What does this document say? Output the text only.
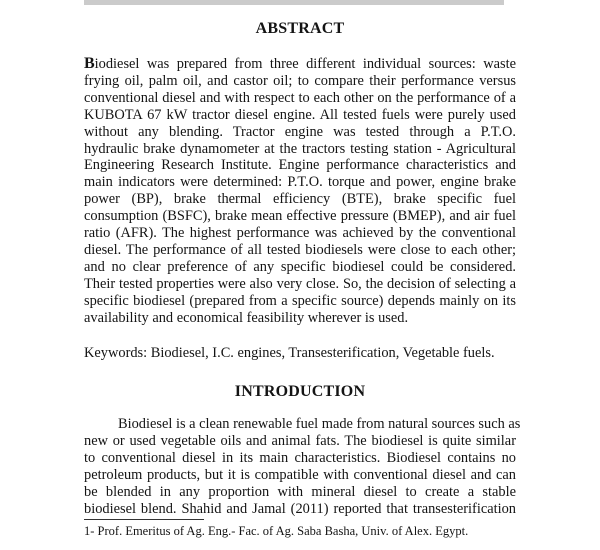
ABSTRACT
Biodiesel was prepared from three different individual sources: waste
frying oil, palm oil, and castor oil; to compare their performance versus
conventional diesel and with respect to each other on the performance of a
KUBOTA 67 kW tractor diesel engine. All tested fuels were purely used
without any blending. Tractor engine was tested through a P.T.O.
hydraulic brake dynamometer at the tractors testing station - Agricultural
Engineering Research Institute. Engine performance characteristics and
main indicators were determined: P.T.O. torque and power, engine brake
power (BP), brake thermal efficiency (BTE), brake specific fuel
consumption (BSFC), brake mean effective pressure (BMEP), and air fuel
ratio (AFR). The highest performance was achieved by the conventional
diesel. The performance of all tested biodiesels were close to each other;
and no clear preference of any specific biodiesel could be considered.
Their tested properties were also very close. So, the decision of selecting a
specific biodiesel (prepared from a specific source) depends mainly on its
availability and economical feasibility wherever is used.
Keywords: Biodiesel, I.C. engines, Transesterification, Vegetable fuels.
INTRODUCTION
Biodiesel is a clean renewable fuel made from natural sources such as
new or used vegetable oils and animal fats. The biodiesel is quite similar
to conventional diesel in its main characteristics. Biodiesel contains no
petroleum products, but it is compatible with conventional diesel and can
be blended in any proportion with mineral diesel to create a stable
biodiesel blend. Shahid and Jamal (2011) reported that transesterification
1- Prof. Emeritus of Ag. Eng.- Fac. of Ag. Saba Basha, Univ. of Alex. Egypt.
